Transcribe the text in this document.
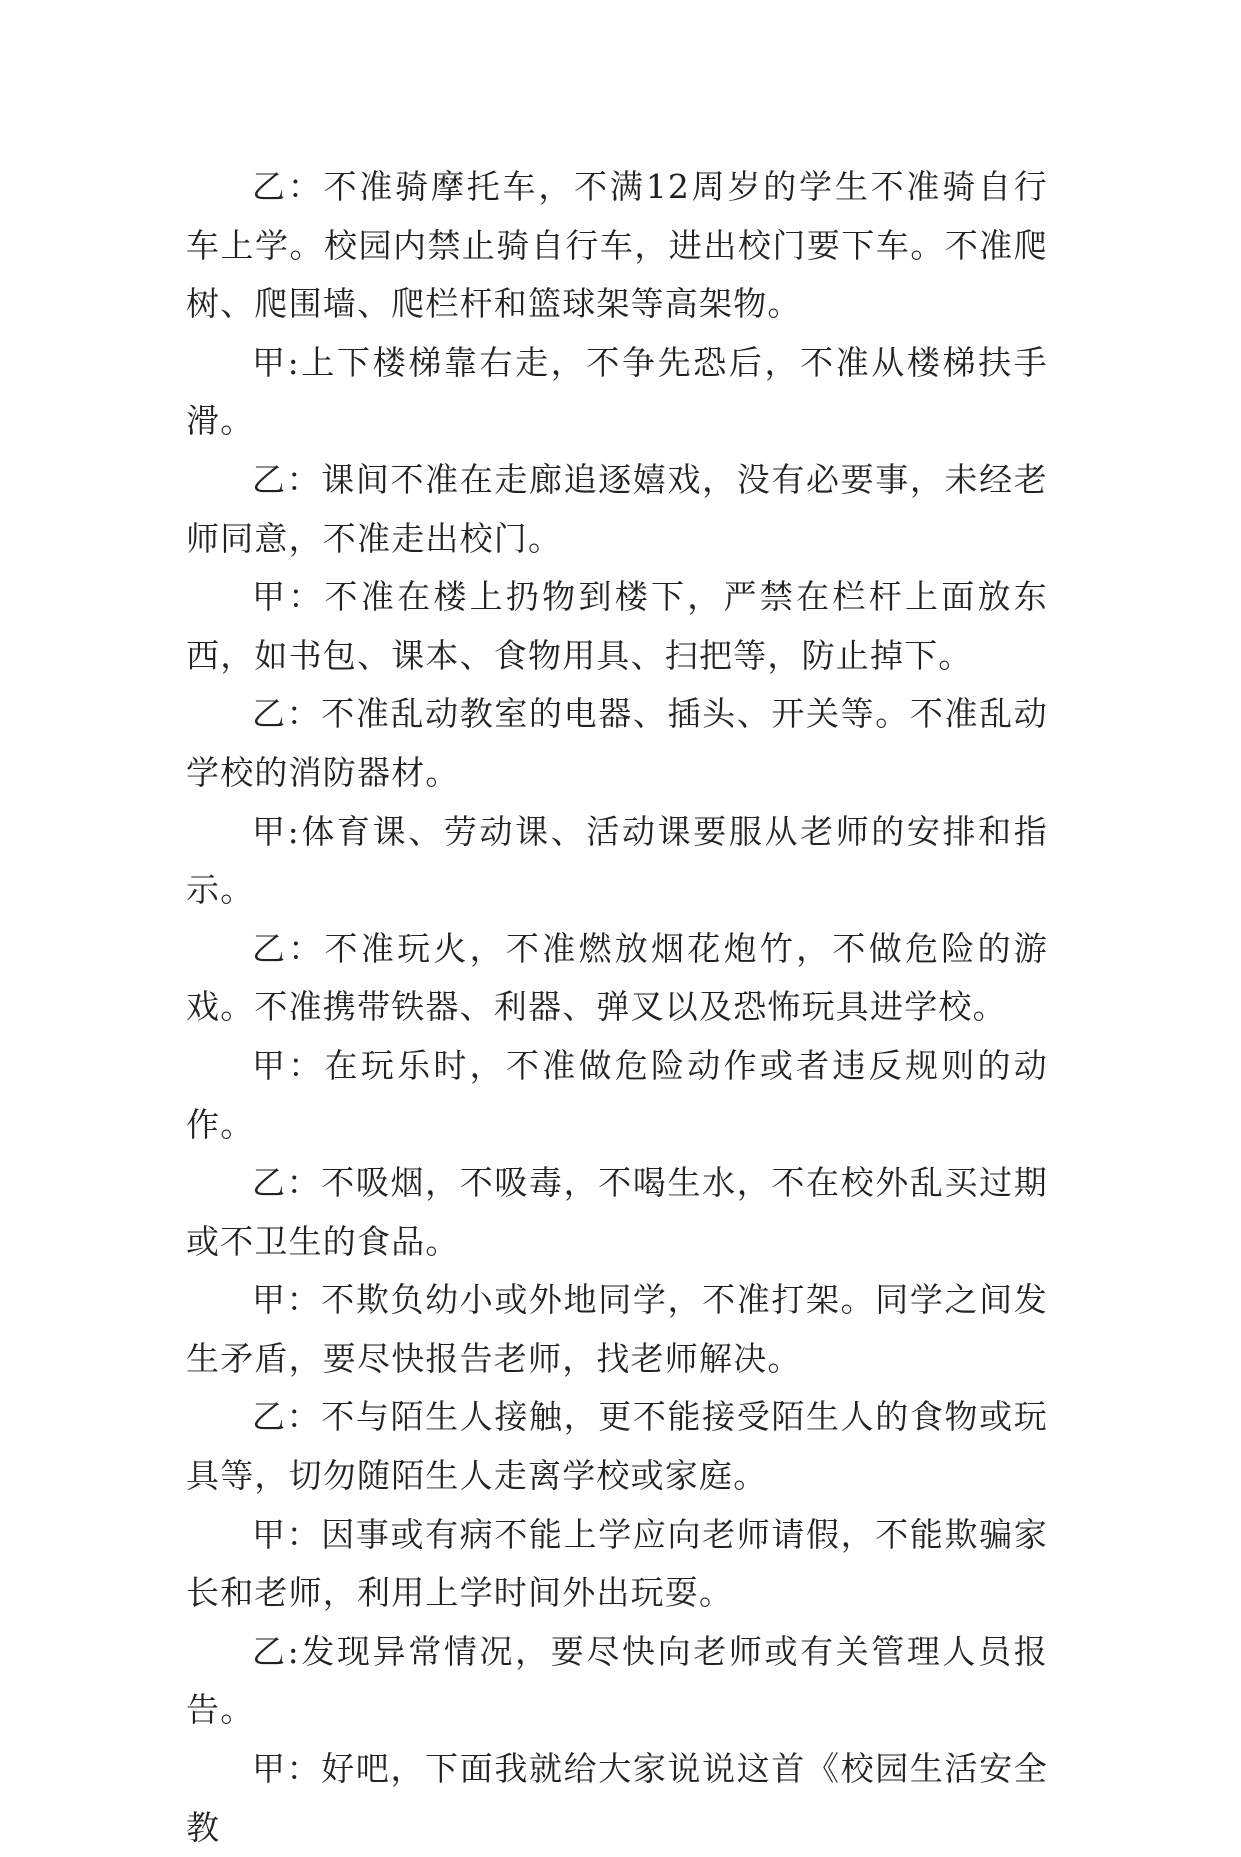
乙：不准骑摩托车，不满12周岁的学生不准骑自行车上学。校园内禁止骑自行车，进出校门要下车。不准爬树、爬围墙、爬栏杆和篮球架等高架物。

甲:上下楼梯靠右走，不争先恐后，不准从楼梯扶手滑。

乙：课间不准在走廊追逐嬉戏，没有必要事，未经老师同意，不准走出校门。

甲：不准在楼上扔物到楼下，严禁在栏杆上面放东西，如书包、课本、食物用具、扫把等，防止掉下。

乙：不准乱动教室的电器、插头、开关等。不准乱动学校的消防器材。

甲:体育课、劳动课、活动课要服从老师的安排和指示。

乙：不准玩火，不准燃放烟花炮竹，不做危险的游戏。不准携带铁器、利器、弹叉以及恐怖玩具进学校。

甲：在玩乐时，不准做危险动作或者违反规则的动作。

乙：不吸烟，不吸毒，不喝生水，不在校外乱买过期或不卫生的食品。

甲：不欺负幼小或外地同学，不准打架。同学之间发生矛盾，要尽快报告老师，找老师解决。

乙：不与陌生人接触，更不能接受陌生人的食物或玩具等，切勿随陌生人走离学校或家庭。

甲：因事或有病不能上学应向老师请假，不能欺骗家长和老师，利用上学时间外出玩耍。

乙:发现异常情况，要尽快向老师或有关管理人员报告。

甲：好吧，下面我就给大家说说这首《校园生活安全教
